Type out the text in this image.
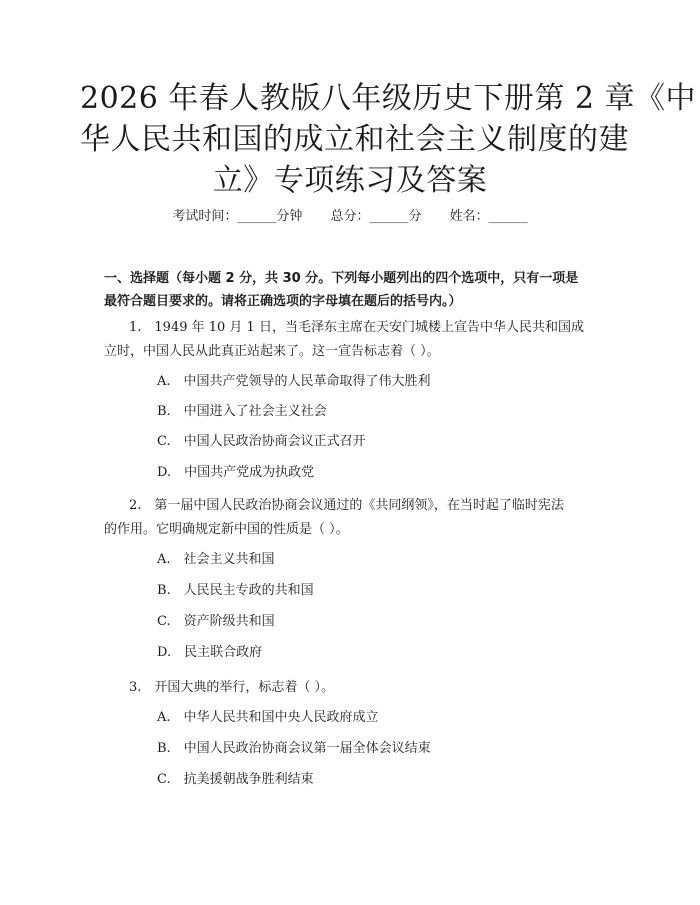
2026 年春人教版八年级历史下册第 2 章《中
华人民共和国的成立和社会主义制度的建
立》专项练习及答案
考试时间：______分钟 总分：______分 姓名：______
一、选择题（每小题 2 分，共 30 分。下列每小题列出的四个选项中，只有一项是
最符合题目要求的。请将正确选项的字母填在题后的括号内。）
1.　1949 年 10 月 1 日，当毛泽东主席在天安门城楼上宣告中华人民共和国成
立时，中国人民从此真正站起来了。这一宣告标志着（ ）。
A.　中国共产党领导的人民革命取得了伟大胜利
B.　中国进入了社会主义社会
C.　中国人民政治协商会议正式召开
D.　中国共产党成为执政党
2.　第一届中国人民政治协商会议通过的《共同纲领》，在当时起了临时宪法
的作用。它明确规定新中国的性质是（ ）。
A.　社会主义共和国
B.　人民民主专政的共和国
C.　资产阶级共和国
D.　民主联合政府
3.　开国大典的举行，标志着（ ）。
A.　中华人民共和国中央人民政府成立
B.　中国人民政治协商会议第一届全体会议结束
C.　抗美援朝战争胜利结束
